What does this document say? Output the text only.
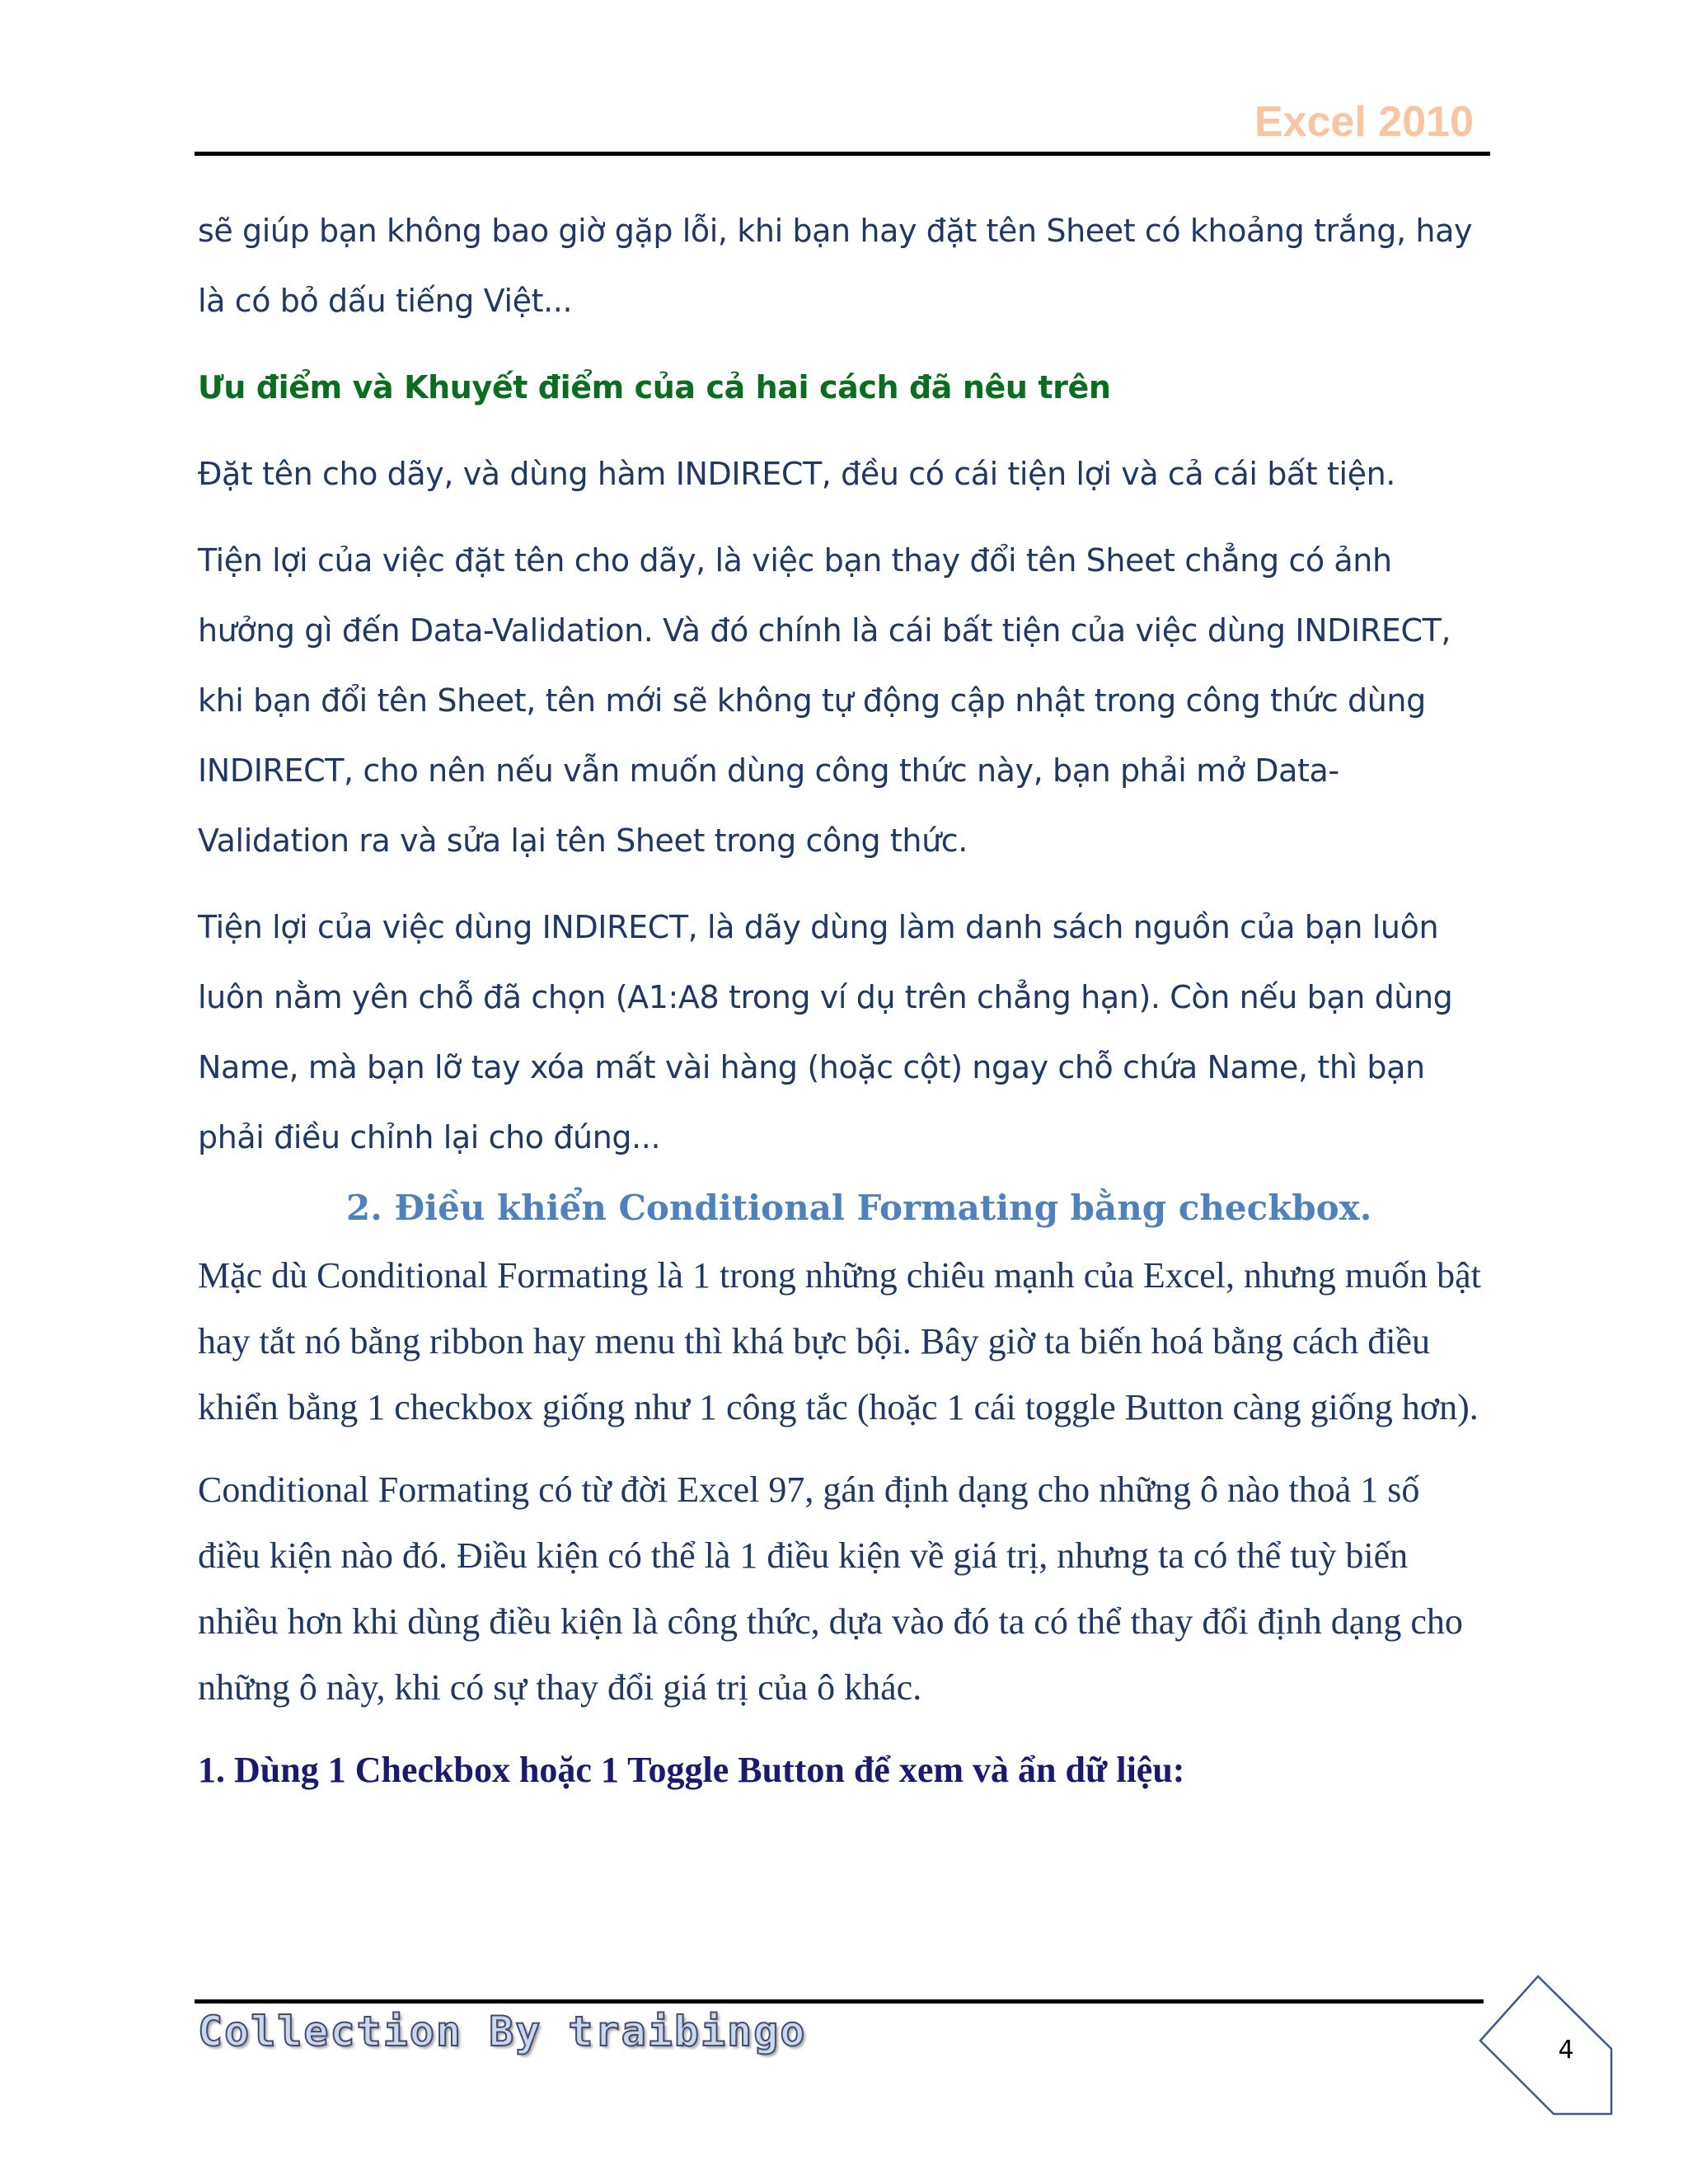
Excel 2010

sẽ giúp bạn không bao giờ gặp lỗi, khi bạn hay đặt tên Sheet có khoảng trắng, hay là có bỏ dấu tiếng Việt...

Ưu điểm và Khuyết điểm của cả hai cách đã nêu trên

Đặt tên cho dãy, và dùng hàm INDIRECT, đều có cái tiện lợi và cả cái bất tiện.

Tiện lợi của việc đặt tên cho dãy, là việc bạn thay đổi tên Sheet chẳng có ảnh hưởng gì đến Data-Validation. Và đó chính là cái bất tiện của việc dùng INDIRECT, khi bạn đổi tên Sheet, tên mới sẽ không tự động cập nhật trong công thức dùng INDIRECT, cho nên nếu vẫn muốn dùng công thức này, bạn phải mở Data-Validation ra và sửa lại tên Sheet trong công thức.

Tiện lợi của việc dùng INDIRECT, là dãy dùng làm danh sách nguồn của bạn luôn luôn nằm yên chỗ đã chọn (A1:A8 trong ví dụ trên chẳng hạn). Còn nếu bạn dùng Name, mà bạn lỡ tay xóa mất vài hàng (hoặc cột) ngay chỗ chứa Name, thì bạn phải điều chỉnh lại cho đúng...

2. Điều khiển Conditional Formating bằng checkbox.

Mặc dù Conditional Formating là 1 trong những chiêu mạnh của Excel, nhưng muốn bật hay tắt nó bằng ribbon hay menu thì khá bực bội. Bây giờ ta biến hoá bằng cách điều khiển bằng 1 checkbox giống như 1 công tắc (hoặc 1 cái toggle Button càng giống hơn).

Conditional Formating có từ đời Excel 97, gán định dạng cho những ô nào thoả 1 số điều kiện nào đó. Điều kiện có thể là 1 điều kiện về giá trị, nhưng ta có thể tuỳ biến nhiều hơn khi dùng điều kiện là công thức, dựa vào đó ta có thể thay đổi định dạng cho những ô này, khi có sự thay đổi giá trị của ô khác.

1. Dùng 1 Checkbox hoặc 1 Toggle Button để xem và ẩn dữ liệu:

Collection By traibingo	4
